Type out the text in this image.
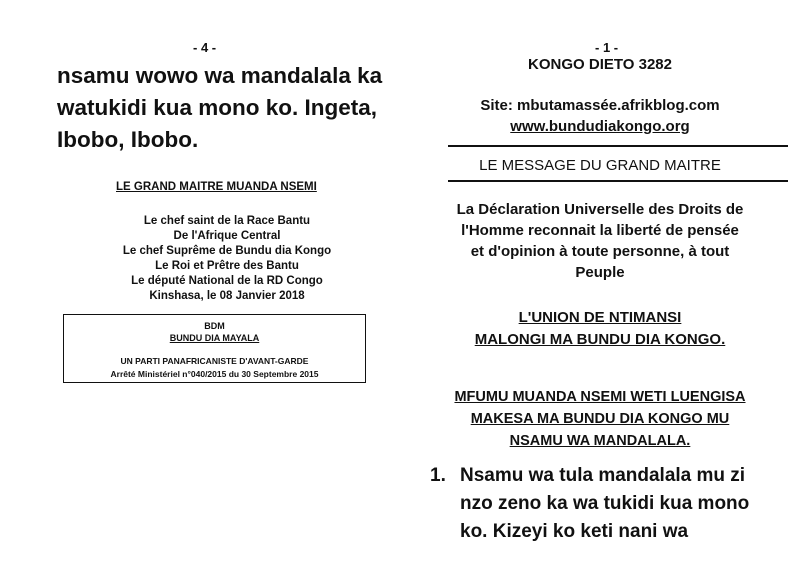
- 4 -
nsamu wowo wa mandalala ka
watukidi kua mono ko. Ingeta,
Ibobo, Ibobo.
LE GRAND MAITRE MUANDA NSEMI
Le chef saint de la Race Bantu
De l'Afrique Central
Le chef Suprême de Bundu dia Kongo
Le Roi et Prêtre des Bantu
Le député National de la RD Congo
Kinshasa, le 08 Janvier 2018
BDM
BUNDU DIA MAYALA
UN PARTI PANAFRICANISTE D'AVANT-GARDE
Arrêté Ministériel n°040/2015 du 30 Septembre 2015
- 1 -
KONGO DIETO 3282
Site: mbutamassée.afrikblog.com
www.bundudiakongo.org
LE MESSAGE DU GRAND MAITRE
La Déclaration Universelle des Droits de
l'Homme reconnait la liberté de pensée
et d'opinion à toute personne, à tout
Peuple
L'UNION DE NTIMANSI
MALONGI MA BUNDU DIA KONGO.
MFUMU MUANDA NSEMI WETI LUENGISA
MAKESA MA BUNDU DIA KONGO MU
NSAMU WA MANDALALA.
1. Nsamu wa tula mandalala mu zi
nzo zeno ka wa tukidi kua mono
ko. Kizeyi ko keti nani wa
